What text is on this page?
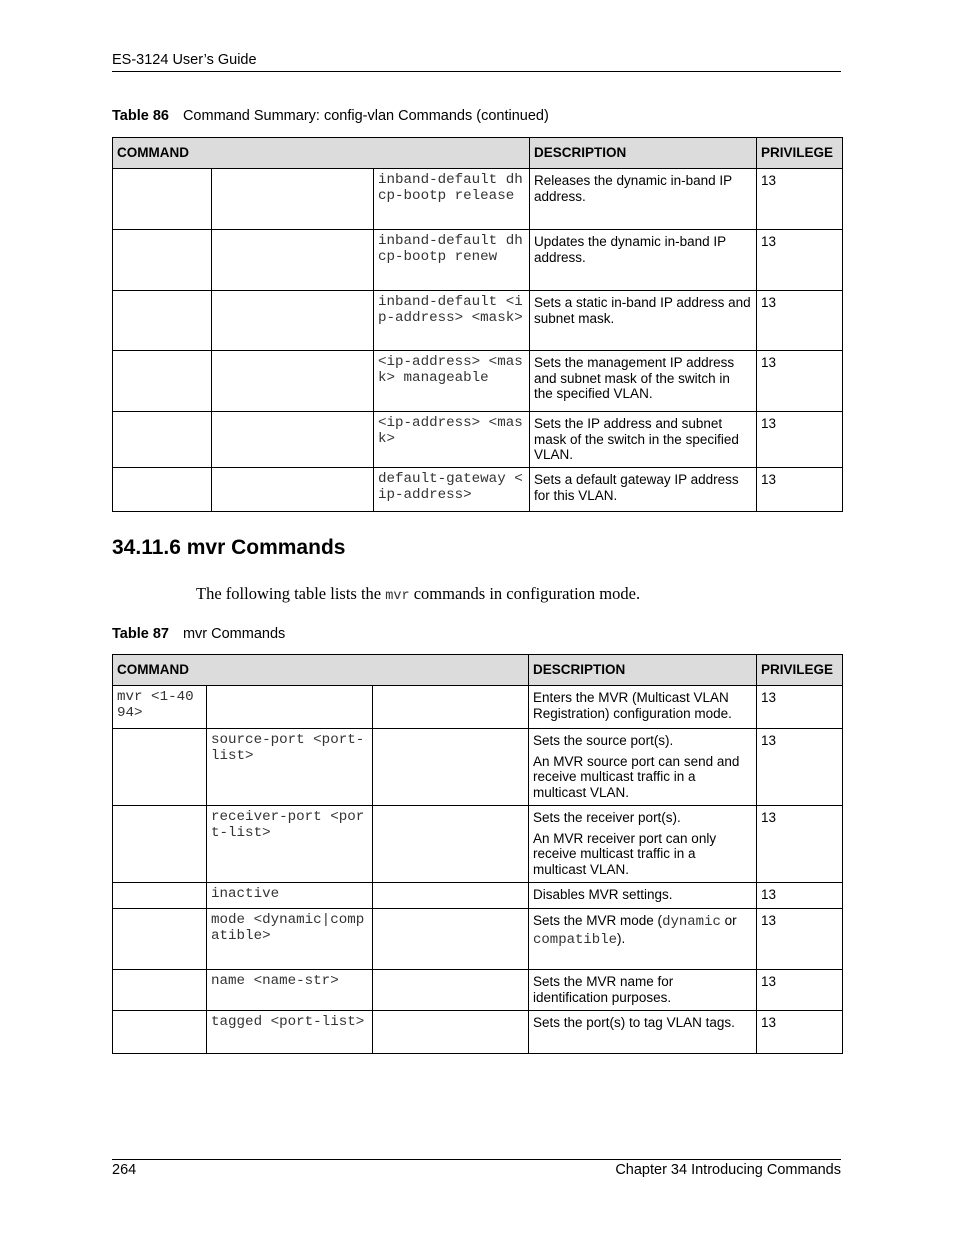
ES-3124 User’s Guide
Table 86 Command Summary: config-vlan Commands (continued)
COMMAND			DESCRIPTION	PRIVILEGE
		inband-default dhcp-bootp release	Releases the dynamic in-band IP address.	13
		inband-default dhcp-bootp renew	Updates the dynamic in-band IP address.	13
		inband-default <ip-address> <mask>	Sets a static in-band IP address and subnet mask.	13
		<ip-address> <mask> manageable	Sets the management IP address and subnet mask of the switch in the specified VLAN.	13
		<ip-address> <mask>	Sets the IP address and subnet mask of the switch in the specified VLAN.	13
		default-gateway <ip-address>	Sets a default gateway IP address for this VLAN.	13
34.11.6 mvr Commands
The following table lists the mvr commands in configuration mode.
Table 87 mvr Commands
COMMAND			DESCRIPTION	PRIVILEGE
mvr <1-4094>			Enters the MVR (Multicast VLAN Registration) configuration mode.	13
	source-port <port-list>		Sets the source port(s).

An MVR source port can send and receive multicast traffic in a multicast VLAN.	13
	receiver-port <port-list>		Sets the receiver port(s).

An MVR receiver port can only receive multicast traffic in a multicast VLAN.	13
	inactive		Disables MVR settings.	13
	mode <dynamic|compatible>		Sets the MVR mode (dynamic or compatible).	13
	name <name-str>		Sets the MVR name for identification purposes.	13
	tagged <port-list>		Sets the port(s) to tag VLAN tags.	13
264	Chapter 34 Introducing Commands
